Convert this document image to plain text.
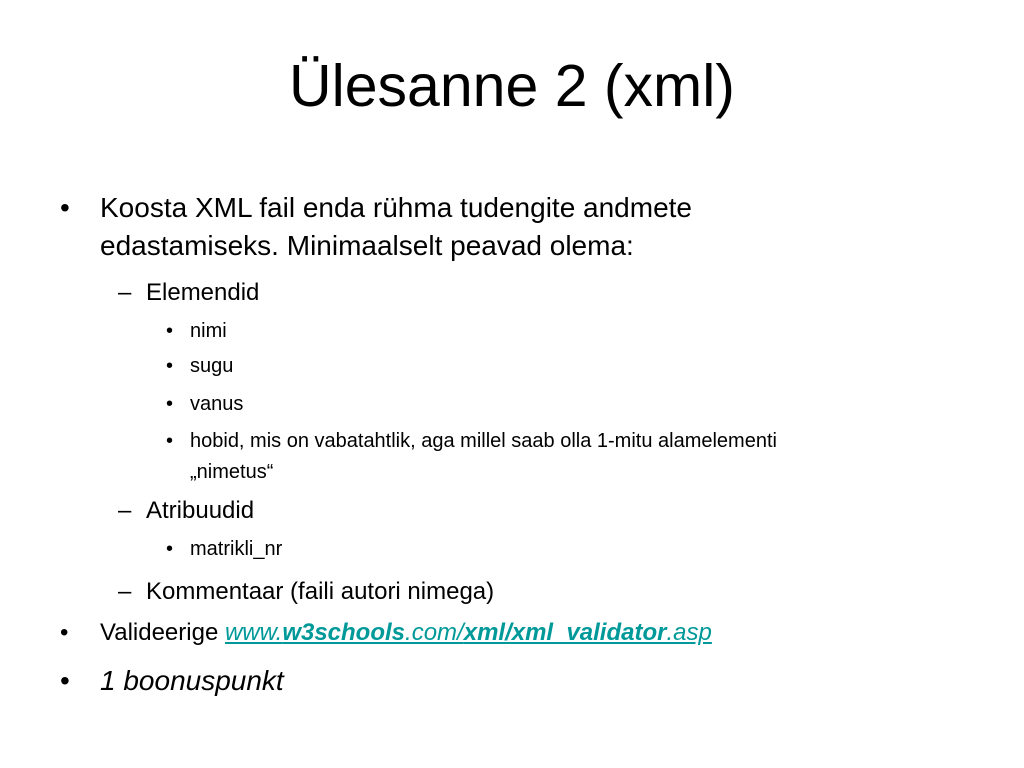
Ülesanne 2 (xml)
• Koosta XML fail enda rühma tudengite andmete
edastamiseks. Minimaalselt peavad olema:
– Elemendid
• nimi
• sugu
• vanus
• hobid, mis on vabatahtlik, aga millel saab olla 1-mitu alamelementi
„nimetus“
– Atribuudid
• matrikli_nr
– Kommentaar (faili autori nimega)
• Valideerige www.w3schools.com/xml/xml_validator.asp
• 1 boonuspunkt
